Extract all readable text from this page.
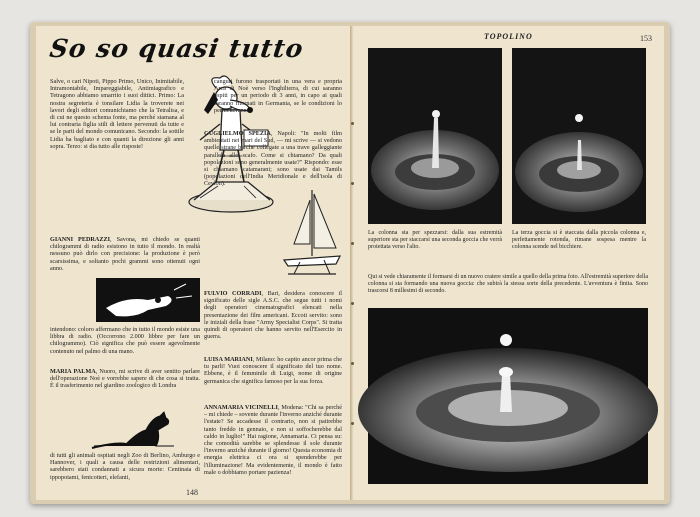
So so quasi tutto
Salve, o cari Nipoti, Pippo Primo, Unico, Inimitabile, Intramontabile, Impareggiabile, Antimiagrafico e Tetragono abbiamo smarrito i suoi dittici. Primo: La nostra segreteria è tonsilare Lidia la troverete nei lavori degli editori comunichiamo che la Tetralisa, e di cui ne questo schema fonte, ma perché stamana al lui contraria figlia stili di lettere pervenuti da tutte e se le parti del mondo comunicano. Secondo: la sottile Lidia ha bagliato e con quanti la direzione gli anni sopra. Terzo: si dia tutto alle risposte!
GIANNI PEDRAZZI, Savona, mi chiedo se quanti chilogrammi di radio esistono in tutto il mondo. In realtà nessuno può dirlo con precisione: la produzione è però scarsissima, e soltanto pochi grammi sono ottenuti ogni anno.
intendono: coloro affermano che in tutto il mondo esiste una libbra di radio. (Occorrono 2.000 libbre per fare un chilogrammo). Ciò significa che può essere agevolmente contenuto nel palmo di una mano.
MARIA PALMA, Nuoro, mi scrive di aver sentito parlare dell'operazione Noè e vorrebbe sapere di che cosa si tratta. È il trasferimento nel giardino zoologico di Londra
di tutti gli animali ospitati negli Zoo di Berlino, Amburgo e Hannover, i quali a causa delle restrizioni alimentari, sarebbero stati condannati a sicura morte: Centinaia di ippopotami, fenicotteri, elefanti,
canguri furono trasportati in una vera e propria Arca di Noè verso l'Inghilterra, di cui saranno ospiti per un periodo di 3 anni, in capo ai quali saranno ritornati in Germania, se le condizioni lo permetteranno.
GUGLIELMO SPEZIA, Napoli: "In molti film ambientati nei mari del Sud, — mi scrive — si vedono quelle strane barche collegate a una trave galleggiante parallela allo scafo. Come si chiamano? Da quali popolazioni sono generalmente usate?" Rispondo: esse si chiamano catamarani; sono usate dai Tamils (popolazioni dell'India Meridionale e dell'isola di Ceylon).
FULVIO CORRADI, Bari, desidera conoscere il significato delle sigle A.S.C. che segue tutti i nomi degli operatori cinematografici elencati nella presentazione dei film americani. Eccoti servito: sono le iniziali della frase "Army Specialist Corps". Si tratta quindi di operatori che hanno servito nell'Esercito in guerra.
LUISA MARIANI, Milano: ho capito ancor prima che tu parli! Vuoi conoscere il significato del tuo nome. Ebbene, è il femminile di Luigi, nome di origine germanica che significa famoso per la sua forza.
ANNAMARIA VICINELLI, Modena: "Chi sa perché – mi chiede – sovente durante l'inverno anziché durante l'estate? Se accadesse il contrario, non si patirebbe tanto freddo in gennaio, e non si soffocherebbe dal caldo in luglio!" Hai ragione, Annamaria. Ci pensa su: che comodità sarebbe se splendesse il sole durante l'inverno anziché durante il giorno! Questa economia di energia elettrica ci ora si spenderebbe per l'illuminazione! Ma evidentemente, il mondo è fatto male o dobbiamo portare pazienza!
148
TOPOLINO	153
La colonna sta per spezzarsi: dalla sua estremità superiore sta per staccarsi una seconda goccia che verrà proiettata verso l'alto.
La terza goccia si è staccata dalla piccola colonna e, perfettamente rotonda, rimane sospesa mentre la colonna scende nel bicchiere.
Qui si vede chiaramente il formarsi di un nuovo cratere simile a quello della prima foto. All'estremità superiore della colonna si sta formando una nuova goccia: che subirà la stessa sorte della precedente. L'avventura è finita. Sono trascorsi 8 millesimi di secondo.
